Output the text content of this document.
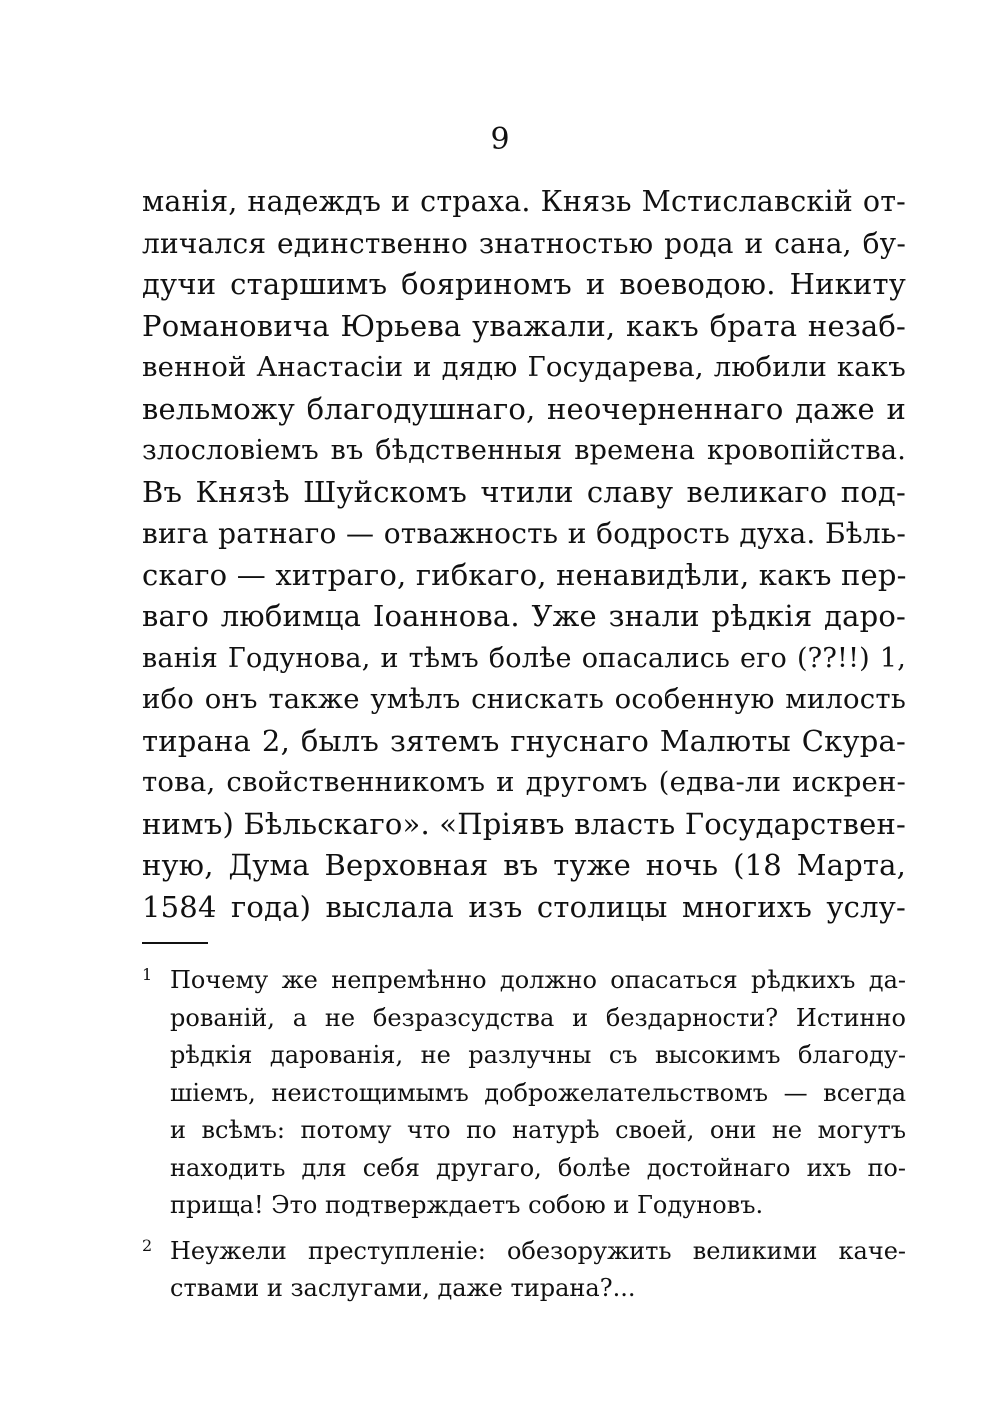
9
манія, надеждъ и страха. Князь Мстиславскій от-
личался единственно знатностью рода и сана, бу-
дучи старшимъ бояриномъ и воеводою. Никиту
Романовича Юрьева уважали, какъ брата незаб-
венной Анастасіи и дядю Государева, любили какъ
вельможу благодушнаго, неочерненнаго даже и
злословіемъ въ бѣдственныя времена кровопійства.
Въ Князѣ Шуйскомъ чтили славу великаго под-
вига ратнаго — отважность и бодрость духа. Бѣль-
скаго — хитраго, гибкаго, ненавидѣли, какъ пер-
ваго любимца Іоаннова. Уже знали рѣдкія даро-
ванія Годунова, и тѣмъ болѣе опасались его (??!!) 1,
ибо онъ также умѣлъ снискать особенную милость
тирана 2, былъ зятемъ гнуснаго Малюты Скура-
това, свойственникомъ и другомъ (едва-ли искрен-
нимъ) Бѣльскаго». «Пріявъ власть Государствен-
ную, Дума Верховная въ туже ночь (18 Марта,
1584 года) выслала изъ столицы многихъ услу-
1 Почему же непремѣнно должно опасаться рѣдкихъ да-
рованій, а не безразсудства и бездарности? Истинно
рѣдкія дарованія, не разлучны съ высокимъ благоду-
шіемъ, неистощимымъ доброжелательствомъ — всегда
и всѣмъ: потому что по натурѣ своей, они не могутъ
находить для себя другаго, болѣе достойнаго ихъ по-
прища! Это подтверждаетъ собою и Годуновъ.
2 Неужели преступленіе: обезоружить великими каче-
ствами и заслугами, даже тирана?...
